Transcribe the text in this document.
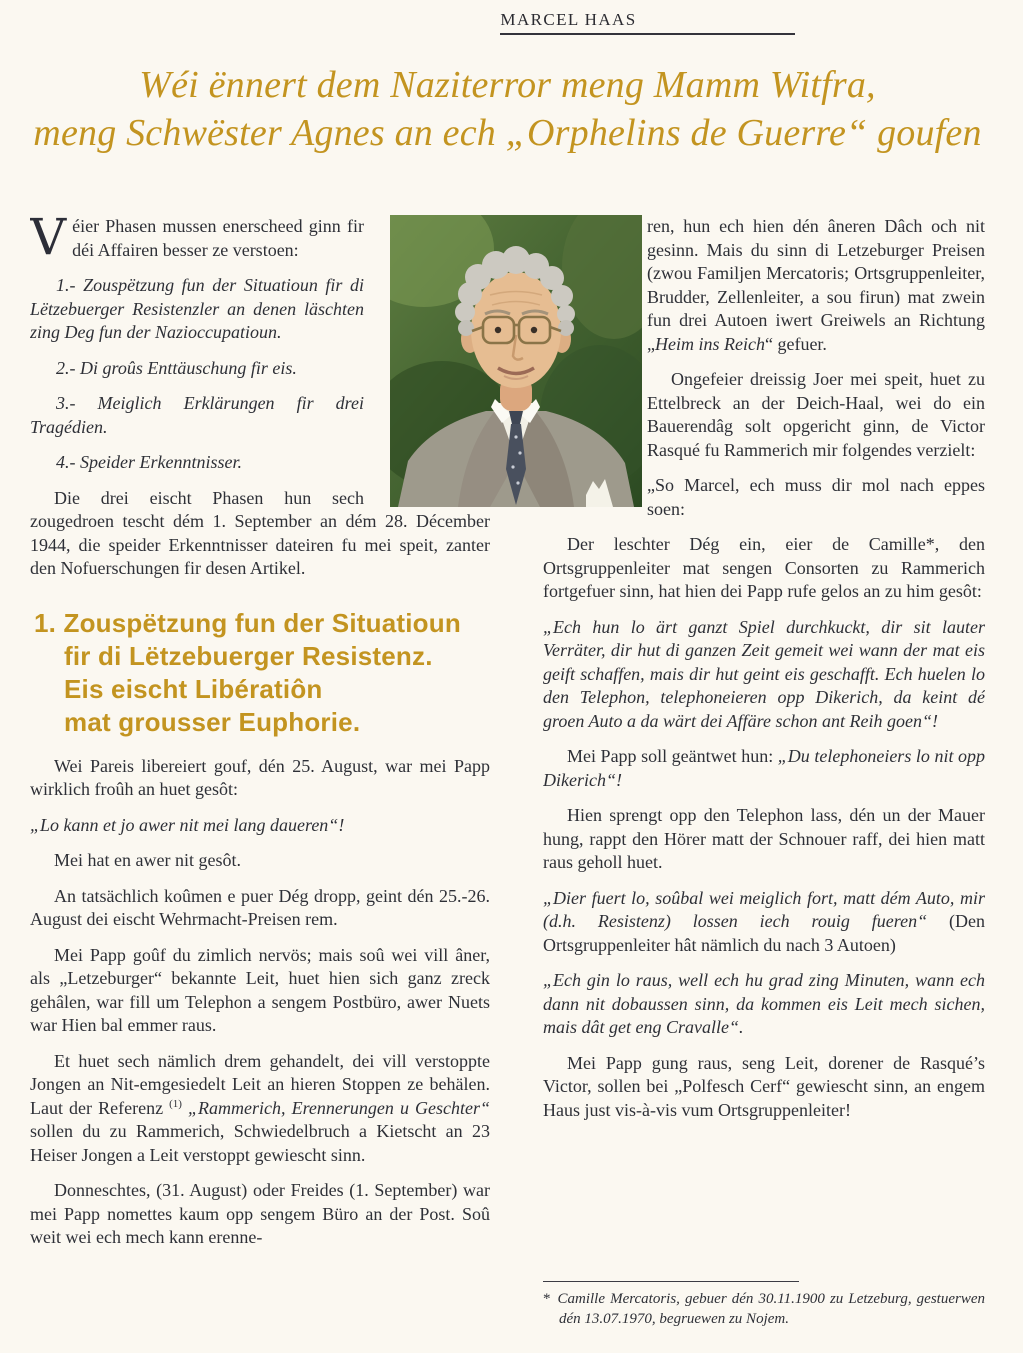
MARCEL HAAS
Wéi ënnert dem Naziterror meng Mamm Witfra,
meng Schwëster Agnes an ech „Orphelins de Guerre“ goufen

Véier Phasen mussen enerscheed ginn fir déi Affairen besser ze verstoen:

1.- Zouspëtzung fun der Situatioun fir di Lëtzebuerger Resistenzler an denen läschten zing Deg fun der Nazioccupatioun.

2.- Di groûs Enttäuschung fir eis.

3.- Meiglich Erklärungen fir drei Tragédien.

4.- Speider Erkenntnisser.

Die drei eischt Phasen hun sech zougedroen tescht dém 1. September an dém 28. Décember 1944, die speider Erkenntnisser dateiren fu mei speit, zanter den Nofuerschungen fir desen Artikel.

1. Zouspëtzung fun der Situatioun
fir di Lëtzebuerger Resistenz.
Eis eischt Libératiôn
mat grousser Euphorie.

Wei Pareis libereiert gouf, dén 25. August, war mei Papp wirklich froûh an huet gesôt:

„Lo kann et jo awer nit mei lang daueren“!

Mei hat en awer nit gesôt.

An tatsächlich koûmen e puer Dég dropp, geint dén 25.-26. August dei eischt Wehrmacht-Preisen rem.

Mei Papp goûf du zimlich nervös; mais soû wei vill âner, als „Letzeburger“ bekannte Leit, huet hien sich ganz zreck gehâlen, war fill um Telephon a sengem Postbüro, awer Nuets war Hien bal emmer raus.

Et huet sech nämlich drem gehandelt, dei vill verstoppte Jongen an Nit-emgesiedelt Leit an hieren Stoppen ze behälen. Laut der Referenz $^{(1)}$ „Rammerich, Erennerungen u Geschter“ sollen du zu Rammerich, Schwiedelbruch a Kietscht an 23 Heiser Jongen a Leit verstoppt gewiescht sinn.

Donneschtes, (31. August) oder Freides (1. September) war mei Papp nomettes kaum opp sengem Büro an der Post. Soû weit wei ech mech kann erenne-

ren, hun ech hien dén âneren Dâch och nit gesinn. Mais du sinn di Letzeburger Preisen (zwou Familjen Mercatoris; Ortsgruppenleiter, Brudder, Zellenleiter, a sou firun) mat zwein fun drei Autoen iwert Greiwels an Richtung „Heim ins Reich“ gefuer.

Ongefeier dreissig Joer mei speit, huet zu Ettelbreck an der Deich-Haal, wei do ein Bauerendâg solt opgericht ginn, de Victor Rasqué fu Rammerich mir folgendes verzielt:

„So Marcel, ech muss dir mol nach eppes soen:

Der leschter Dég ein, eier de Camille*, den Ortsgruppenleiter mat sengen Consorten zu Rammerich fortgefuer sinn, hat hien dei Papp rufe gelos an zu him gesôt:

„Ech hun lo ärt ganzt Spiel durchkuckt, dir sit lauter Verräter, dir hut di ganzen Zeit gemeit wei wann der mat eis geift schaffen, mais dir hut geint eis geschafft. Ech huelen lo den Telephon, telephoneieren opp Dikerich, da keint dé groen Auto a da wärt dei Affäre schon ant Reih goen“!

Mei Papp soll geäntwet hun: „Du telephoneiers lo nit opp Dikerich“!

Hien sprengt opp den Telephon lass, dén un der Mauer hung, rappt den Hörer matt der Schnouer raff, dei hien matt raus geholl huet.

„Dier fuert lo, soûbal wei meiglich fort, matt dém Auto, mir (d.h. Resistenz) lossen iech rouig fueren“ (Den Ortsgruppenleiter hât nämlich du nach 3 Autoen)

„Ech gin lo raus, well ech hu grad zing Minuten, wann ech dann nit dobaussen sinn, da kommen eis Leit mech sichen, mais dât get eng Cravalle“.

Mei Papp gung raus, seng Leit, dorener de Rasqué’s Victor, sollen bei „Polfesch Cerf“ gewiescht sinn, an engem Haus just vis-à-vis vum Ortsgruppenleiter!

* Camille Mercatoris, gebuer dén 30.11.1900 zu Letzeburg, gestuerwen dén 13.07.1970, begruewen zu Nojem.
